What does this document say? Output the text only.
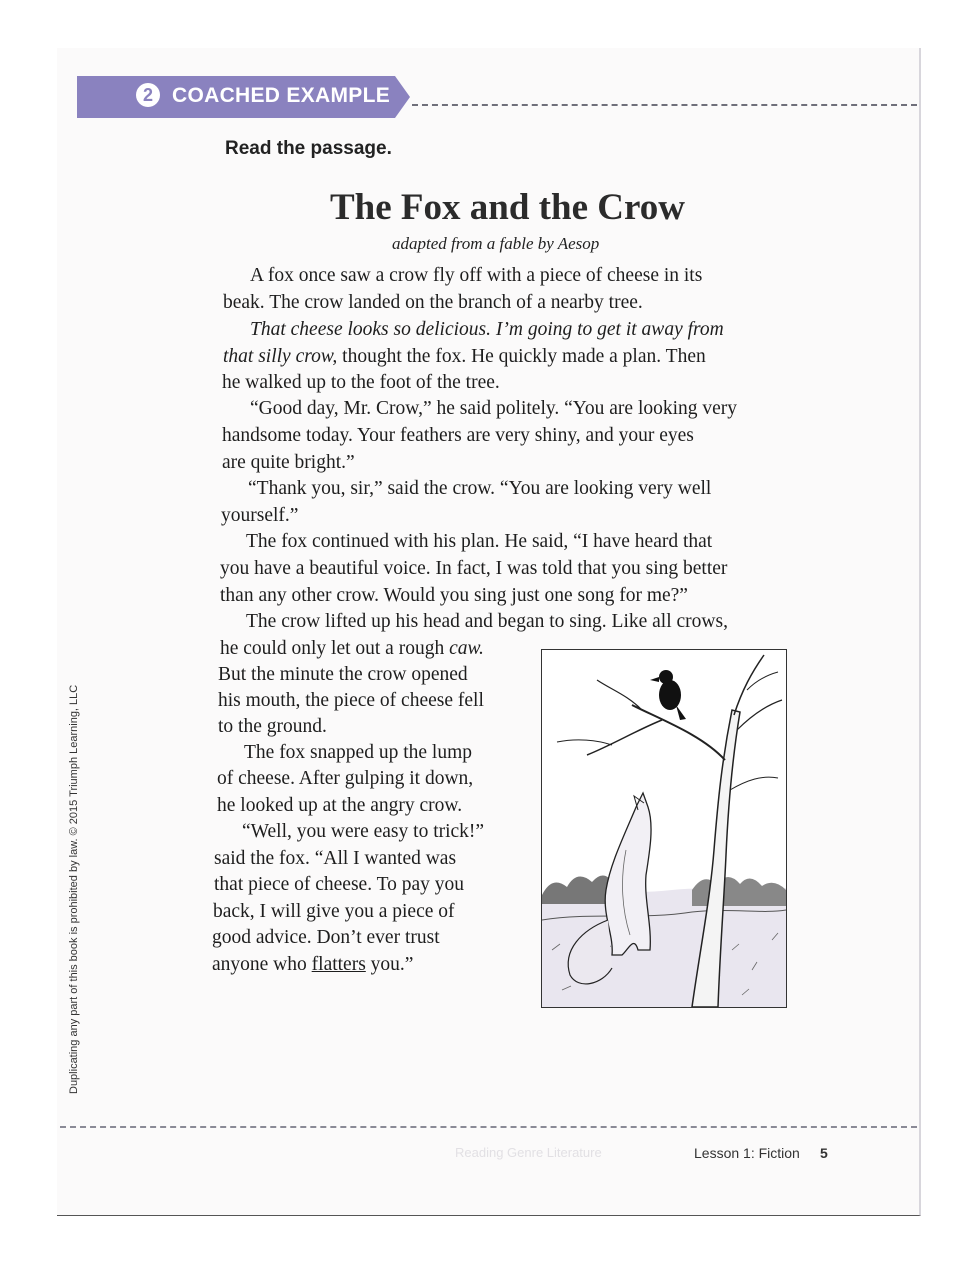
2 COACHED EXAMPLE
Read the passage.
The Fox and the Crow
adapted from a fable by Aesop
A fox once saw a crow fly off with a piece of cheese in its
beak. The crow landed on the branch of a nearby tree.
That cheese looks so delicious. I’m going to get it away from
that silly crow, thought the fox. He quickly made a plan. Then
he walked up to the foot of the tree.
“Good day, Mr. Crow,” he said politely. “You are looking very
handsome today. Your feathers are very shiny, and your eyes
are quite bright.”
“Thank you, sir,” said the crow. “You are looking very well
yourself.”
The fox continued with his plan. He said, “I have heard that
you have a beautiful voice. In fact, I was told that you sing better
than any other crow. Would you sing just one song for me?”
The crow lifted up his head and began to sing. Like all crows,
he could only let out a rough caw.
But the minute the crow opened
his mouth, the piece of cheese fell
to the ground.
The fox snapped up the lump
of cheese. After gulping it down,
he looked up at the angry crow.
“Well, you were easy to trick!”
said the fox. “All I wanted was
that piece of cheese. To pay you
back, I will give you a piece of
good advice. Don’t ever trust
anyone who flatters you.”
Duplicating any part of this book is prohibited by law. © 2015 Triumph Learning, LLC
Reading Genre Literature	Lesson 1: Fiction 5
